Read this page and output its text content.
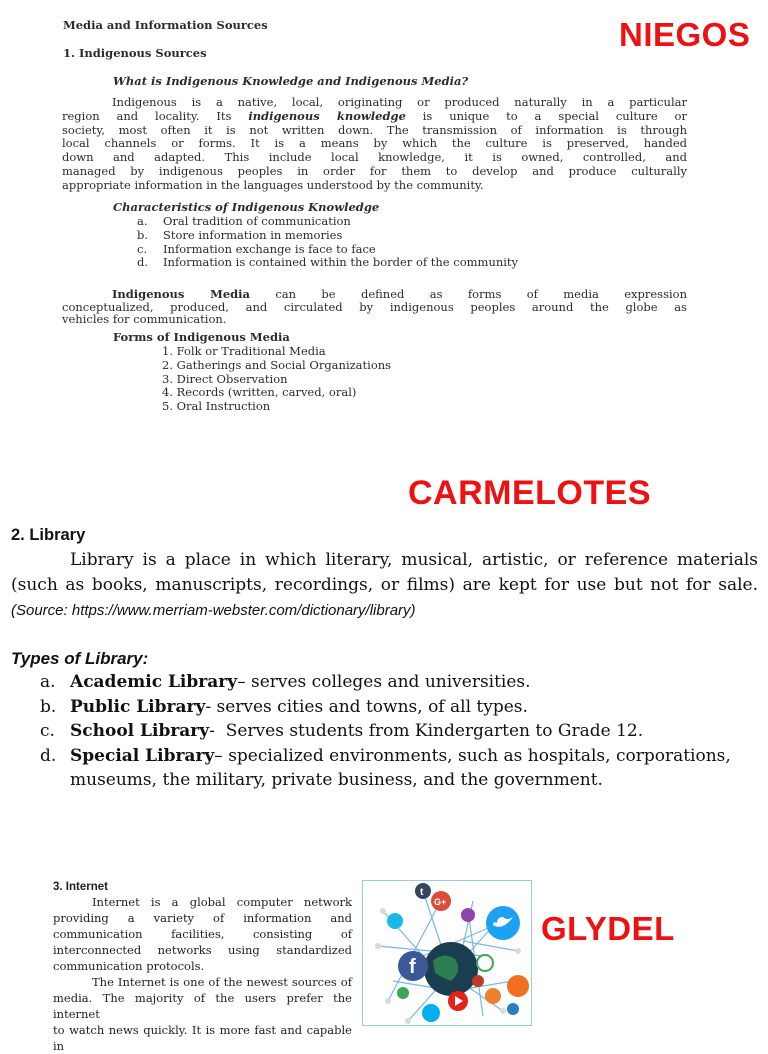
Media and Information Sources
1. Indigenous Sources
What is Indigenous Knowledge and Indigenous Media?
Indigenous is a native, local, originating or produced naturally in a particular
region and locality. Its indigenous knowledge is unique to a special culture or
society, most often it is not written down. The transmission of information is through
local channels or forms. It is a means by which the culture is preserved, handed
down and adapted. This include local knowledge, it is owned, controlled, and
managed by indigenous peoples in order for them to develop and produce culturally
appropriate information in the languages understood by the community.
Characteristics of Indigenous Knowledge
a.	Oral tradition of communication
b.	Store information in memories
c.	Information exchange is face to face
d.	Information is contained within the border of the community
Indigenous Media can be defined as forms of media expression
conceptualized, produced, and circulated by indigenous peoples around the globe as
vehicles for communication.
Forms of Indigenous Media
1. Folk or Traditional Media
2. Gatherings and Social Organizations
3. Direct Observation
4. Records (written, carved, oral)
5. Oral Instruction
NIEGOS
CARMELOTES
GLYDEL
2. Library
Library is a place in which literary, musical, artistic, or reference materials
(such as books, manuscripts, recordings, or films) are kept for use but not for sale.
(Source: https://www.merriam-webster.com/dictionary/library)
Types of Library:
a. Academic Library – serves colleges and universities.
b. Public Library - serves cities and towns, of all types.
c. School Library -  Serves students from Kindergarten to Grade 12.
d. Special Library – specialized environments, such as hospitals, corporations,
museums, the military, private business, and the government.
3. Internet
Internet is a global computer network
providing a variety of information and
communication facilities, consisting of
interconnected networks using standardized
communication protocols.
The Internet is one of the newest sources of
media. The majority of the users prefer the internet
to watch news quickly. It is more fast and capable in
f
G+
t
